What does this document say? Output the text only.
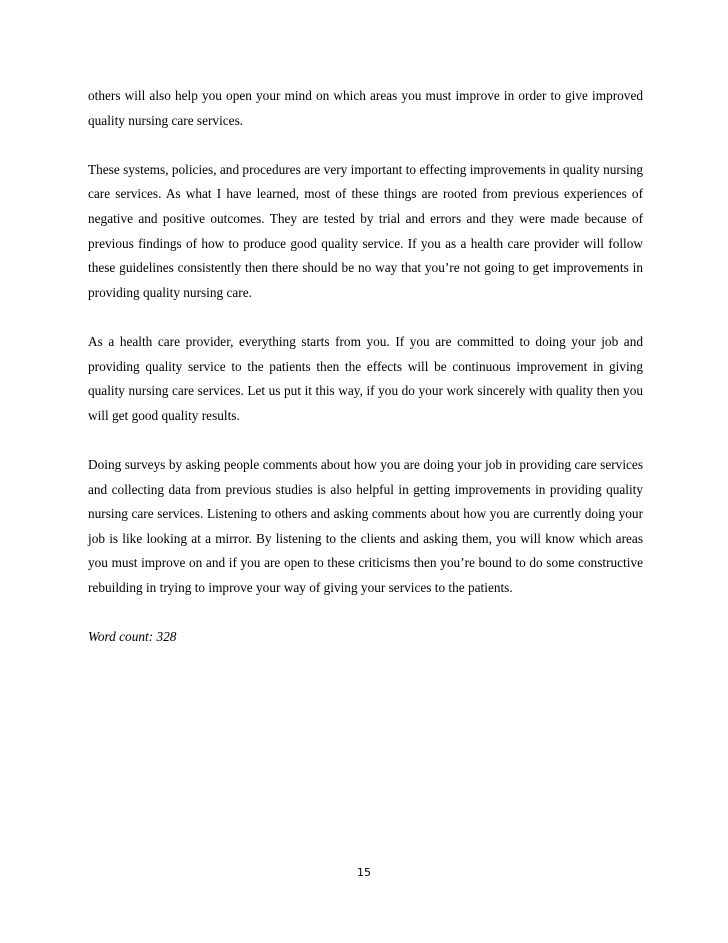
others will also help you open your mind on which areas you must improve in order to give improved quality nursing care services.

These systems, policies, and procedures are very important to effecting improvements in quality nursing care services. As what I have learned, most of these things are rooted from previous experiences of negative and positive outcomes. They are tested by trial and errors and they were made because of previous findings of how to produce good quality service. If you as a health care provider will follow these guidelines consistently then there should be no way that you’re not going to get improvements in providing quality nursing care.

As a health care provider, everything starts from you. If you are committed to doing your job and providing quality service to the patients then the effects will be continuous improvement in giving quality nursing care services. Let us put it this way, if you do your work sincerely with quality then you will get good quality results.

Doing surveys by asking people comments about how you are doing your job in providing care services and collecting data from previous studies is also helpful in getting improvements in providing quality nursing care services. Listening to others and asking comments about how you are currently doing your job is like looking at a mirror. By listening to the clients and asking them, you will know which areas you must improve on and if you are open to these criticisms then you’re bound to do some constructive rebuilding in trying to improve your way of giving your services to the patients.

Word count: 328

15
